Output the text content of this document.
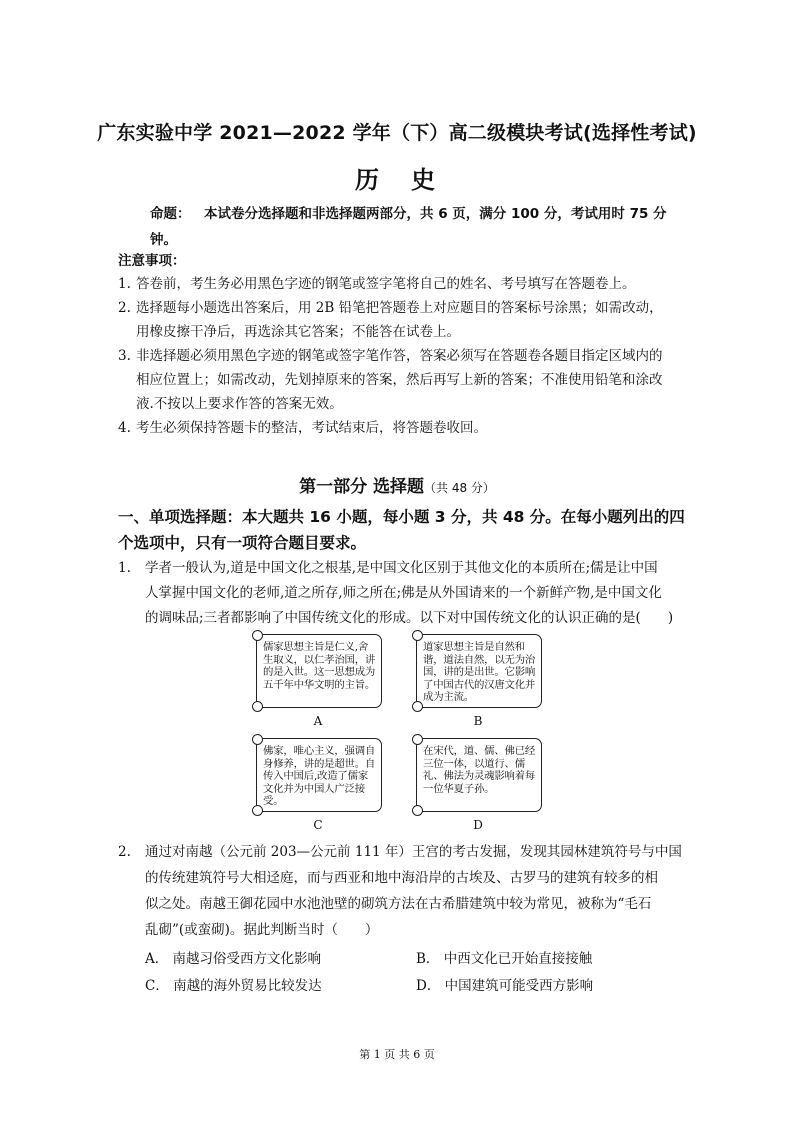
广东实验中学 2021—2022 学年（下）高二级模块考试(选择性考试)
历　史
命题： 本试卷分选择题和非选择题两部分，共 6 页，满分 100 分，考试用时 75 分
钟。
注意事项：
1. 答卷前，考生务必用黑色字迹的钢笔或签字笔将自己的姓名、考号填写在答题卷上。
2. 选择题每小题选出答案后，用 2B 铅笔把答题卷上对应题目的答案标号涂黑；如需改动，
用橡皮擦干净后，再选涂其它答案；不能答在试卷上。
3. 非选择题必须用黑色字迹的钢笔或签字笔作答，答案必须写在答题卷各题目指定区域内的
相应位置上；如需改动，先划掉原来的答案，然后再写上新的答案；不准使用铅笔和涂改
液.不按以上要求作答的答案无效。
4. 考生必须保持答题卡的整洁，考试结束后，将答题卷收回。
第一部分 选择题（共 48 分）
一、单项选择题：本大题共 16 小题，每小题 3 分，共 48 分。在每小题列出的四
个选项中，只有一项符合题目要求。
1. 学者一般认为,道是中国文化之根基,是中国文化区别于其他文化的本质所在;儒是让中国
人掌握中国文化的老师,道之所存,师之所在;佛是从外国请来的一个新鲜产物,是中国文化
的调味品;三者都影响了中国传统文化的形成。以下对中国传统文化的认识正确的是(　　)
儒家思想主旨是仁义,舍生取义，以仁孝治国，讲的是入世。这一思想成为五千年中华文明的主旨。
A
道家思想主旨是自然和谐，道法自然，以无为治国，讲的是出世。它影响了中国古代的汉唐文化并成为主流。
B
佛家，唯心主义，强调自身修养，讲的是超世。自传入中国后,改造了儒家文化并为中国人广泛接受。
C
在宋代，道、儒、佛已经三位一体，以道行、儒礼、佛法为灵魂影响着每一位华夏子孙。
D
2. 通过对南越（公元前 203—公元前 111 年）王宫的考古发掘，发现其园林建筑符号与中国
的传统建筑符号大相迳庭，而与西亚和地中海沿岸的古埃及、古罗马的建筑有较多的相
似之处。南越王御花园中水池池壁的砌筑方法在古希腊建筑中较为常见，被称为“毛石
乱砌”(或蛮砌)。据此判断当时（　　）
A． 南越习俗受西方文化影响	B． 中西文化已开始直接接触
C． 南越的海外贸易比较发达	D． 中国建筑可能受西方影响
第 1 页 共 6 页
